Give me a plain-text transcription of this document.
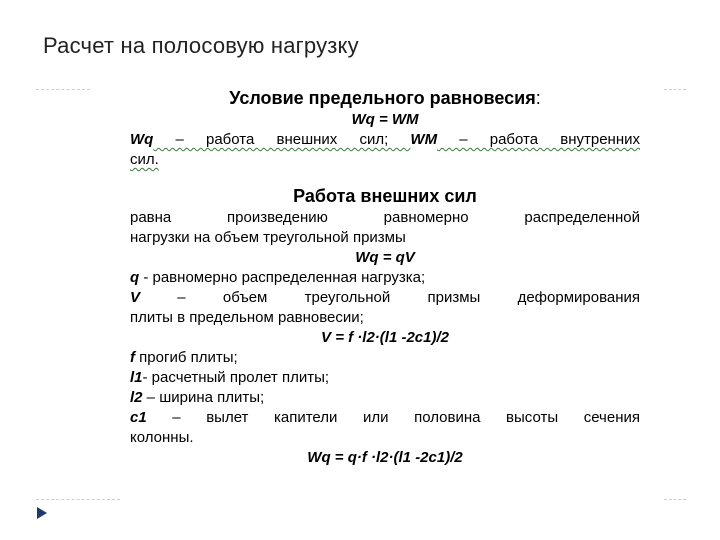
Расчет на полосовую нагрузку
Условие предельного равновесия:
Wq = WM
Wq – работа внешних сил; WM – работа внутренних
сил.
Работа внешних сил
равна произведению равномерно распределенной
нагрузки на объем треугольной призмы
Wq = qV
q - равномерно распределенная нагрузка;
V – объем треугольной призмы деформирования
плиты в предельном равновесии;
V = f ·l2·(l1 -2c1)/2
f прогиб плиты;
l1- расчетный пролет плиты;
l2 – ширина плиты;
c1 – вылет капители или половина высоты сечения
колонны.
Wq = q·f ·l2·(l1 -2c1)/2
